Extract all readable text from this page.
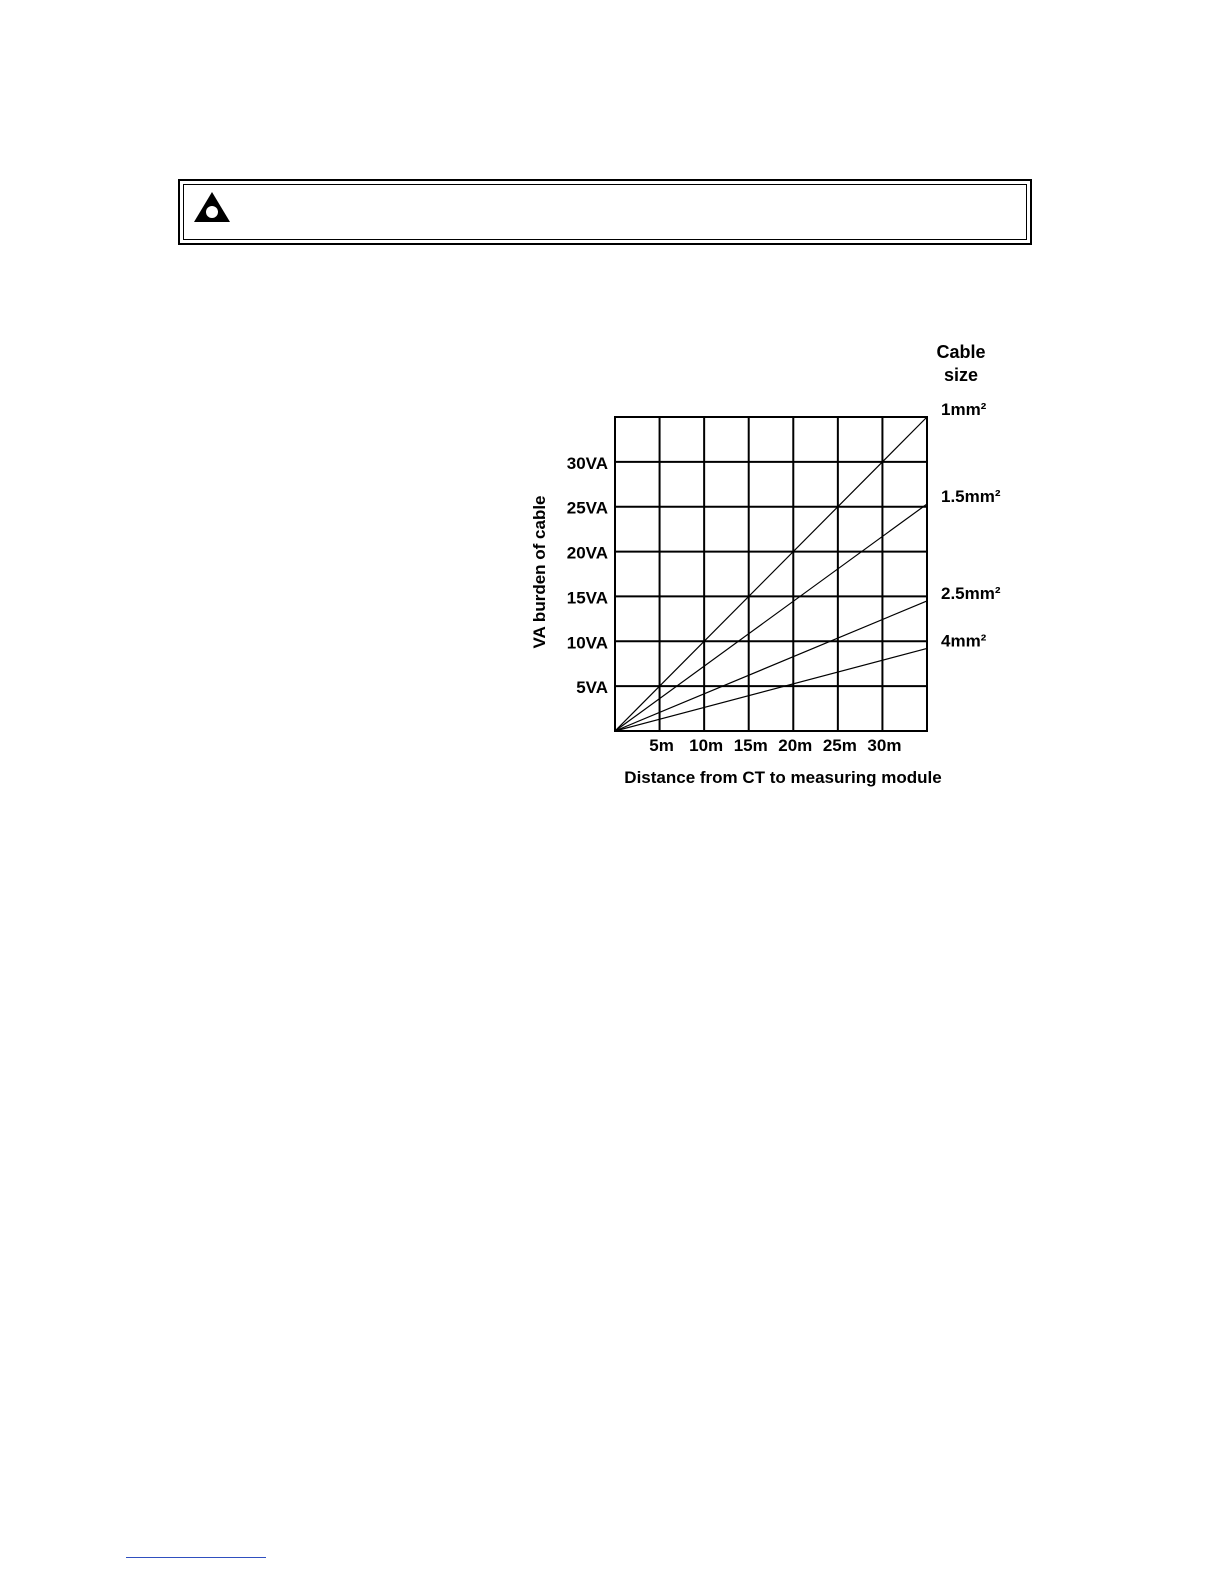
Cable
size
5m 10m 15m 20m 25m 30m
5VA
10VA
15VA
20VA
25VA
30VA
1mm²
1.5mm²
2.5mm²
4mm²
Distance from CT to measuring module
VA burden of cable
